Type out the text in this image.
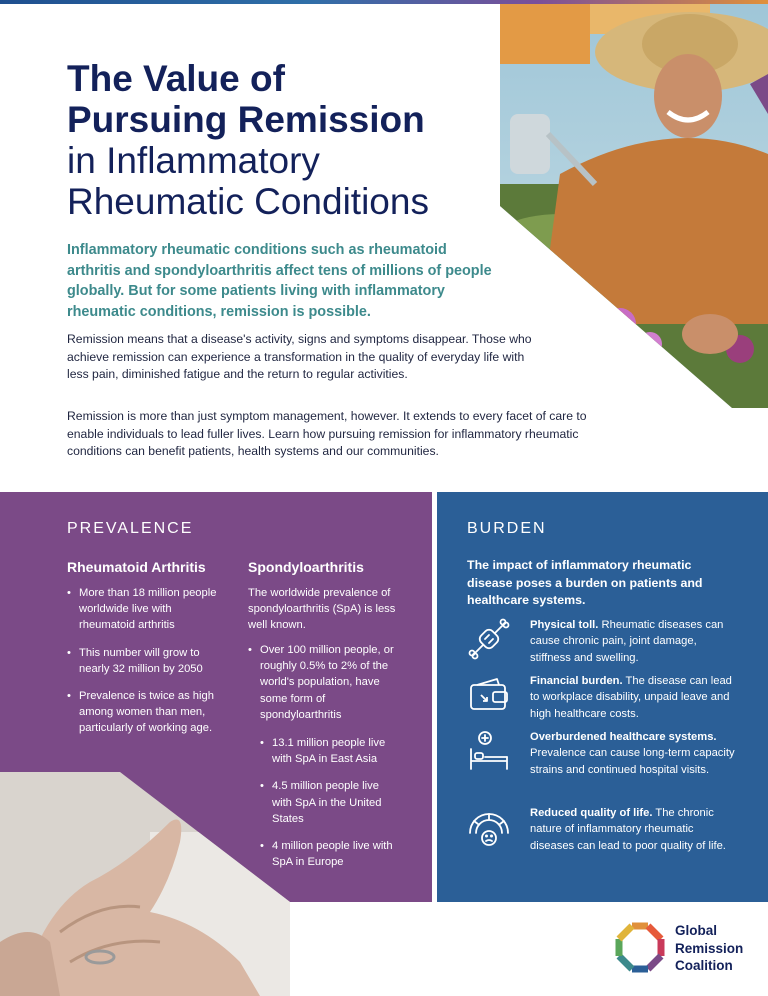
The Value of
Pursuing Remission
in Inflammatory
Rheumatic Conditions

Inflammatory rheumatic conditions such as rheumatoid arthritis and spondyloarthritis affect tens of millions of people globally. But for some patients living with inflammatory rheumatic conditions, remission is possible.

Remission means that a disease's activity, signs and symptoms disappear. Those who achieve remission can experience a transformation in the quality of everyday life with less pain, diminished fatigue and the return to regular activities.

Remission is more than just symptom management, however. It extends to every facet of care to enable individuals to lead fuller lives. Learn how pursuing remission for inflammatory rheumatic conditions can benefit patients, health systems and our communities.

PREVALENCE
Rheumatoid Arthritis
• More than 18 million people worldwide live with rheumatoid arthritis
• This number will grow to nearly 32 million by 2050
• Prevalence is twice as high among women than men, particularly of working age.
Spondyloarthritis

The worldwide prevalence of spondyloarthritis (SpA) is less well known.

• Over 100 million people, or roughly 0.5% to 2% of the world's population, have some form of spondyloarthritis
• 13.1 million people live with SpA in East Asia
• 4.5 million people live with SpA in the United States
• 4 million people live with SpA in Europe
BURDEN

The impact of inflammatory rheumatic disease poses a burden on patients and healthcare systems.

Physical toll. Rheumatic diseases can cause chronic pain, joint damage, stiffness and swelling.

Financial burden. The disease can lead to workplace disability, unpaid leave and high healthcare costs.

Overburdened healthcare systems. Prevalence can cause long-term capacity strains and continued hospital visits.

Reduced quality of life. The chronic nature of inflammatory rheumatic diseases can lead to poor quality of life.

Global
Remission
Coalition
